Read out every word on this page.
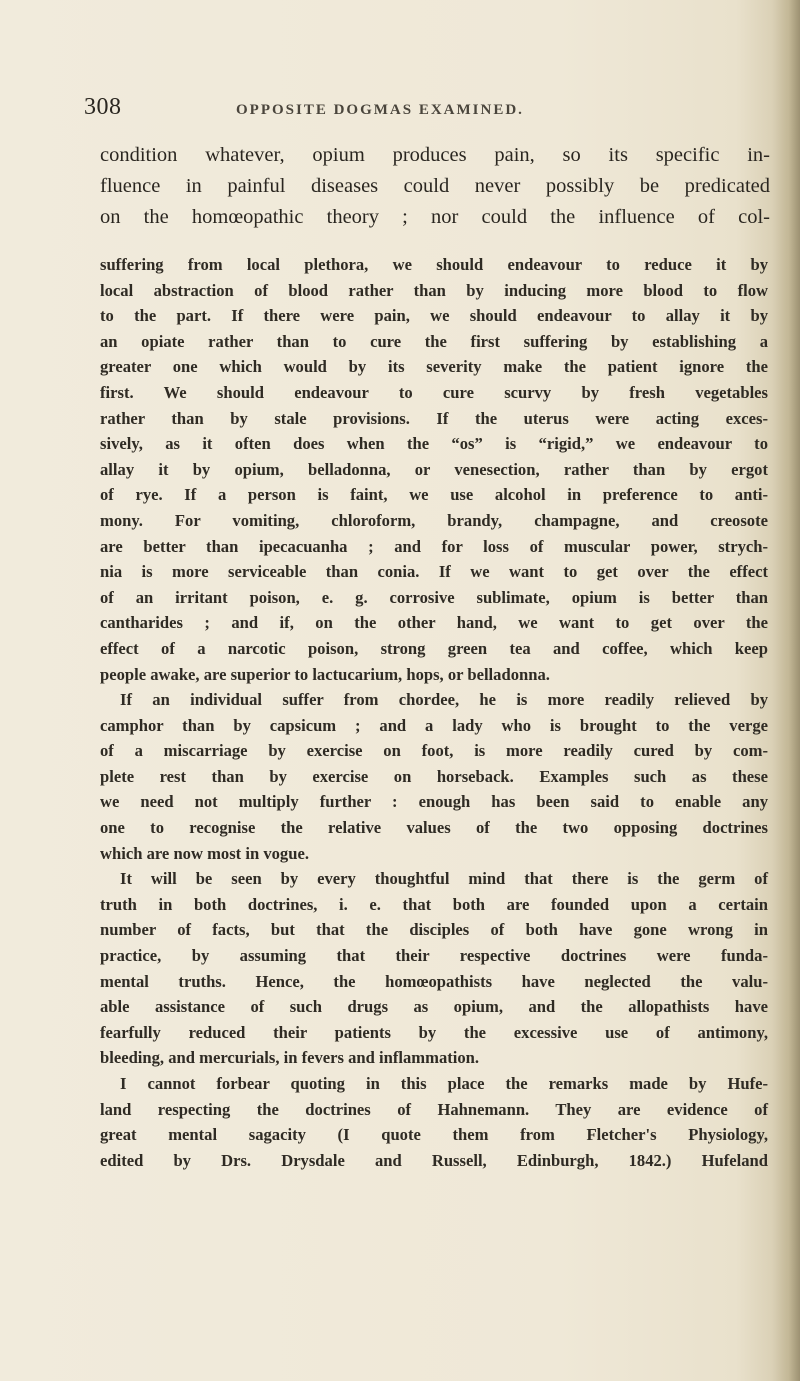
308	OPPOSITE DOGMAS EXAMINED.

condition whatever, opium produces pain, so its specific in-
fluence in painful diseases could never possibly be predicated
on the homœopathic theory ; nor could the influence of col-

suffering from local plethora, we should endeavour to reduce it by
local abstraction of blood rather than by inducing more blood to flow
to the part. If there were pain, we should endeavour to allay it by
an opiate rather than to cure the first suffering by establishing a
greater one which would by its severity make the patient ignore the
first. We should endeavour to cure scurvy by fresh vegetables
rather than by stale provisions. If the uterus were acting exces-
sively, as it often does when the “os” is “rigid,” we endeavour to
allay it by opium, belladonna, or venesection, rather than by ergot
of rye. If a person is faint, we use alcohol in preference to anti-
mony. For vomiting, chloroform, brandy, champagne, and creosote
are better than ipecacuanha ; and for loss of muscular power, strych-
nia is more serviceable than conia. If we want to get over the effect
of an irritant poison, e. g. corrosive sublimate, opium is better than
cantharides ; and if, on the other hand, we want to get over the
effect of a narcotic poison, strong green tea and coffee, which keep
people awake, are superior to lactucarium, hops, or belladonna.
If an individual suffer from chordee, he is more readily relieved by
camphor than by capsicum ; and a lady who is brought to the verge
of a miscarriage by exercise on foot, is more readily cured by com-
plete rest than by exercise on horseback. Examples such as these
we need not multiply further : enough has been said to enable any
one to recognise the relative values of the two opposing doctrines
which are now most in vogue.
It will be seen by every thoughtful mind that there is the germ of
truth in both doctrines, i. e. that both are founded upon a certain
number of facts, but that the disciples of both have gone wrong in
practice, by assuming that their respective doctrines were funda-
mental truths. Hence, the homœopathists have neglected the valu-
able assistance of such drugs as opium, and the allopathists have
fearfully reduced their patients by the excessive use of antimony,
bleeding, and mercurials, in fevers and inflammation.
I cannot forbear quoting in this place the remarks made by Hufe-
land respecting the doctrines of Hahnemann. They are evidence of
great mental sagacity (I quote them from Fletcher's Physiology,
edited by Drs. Drysdale and Russell, Edinburgh, 1842.) Hufeland
